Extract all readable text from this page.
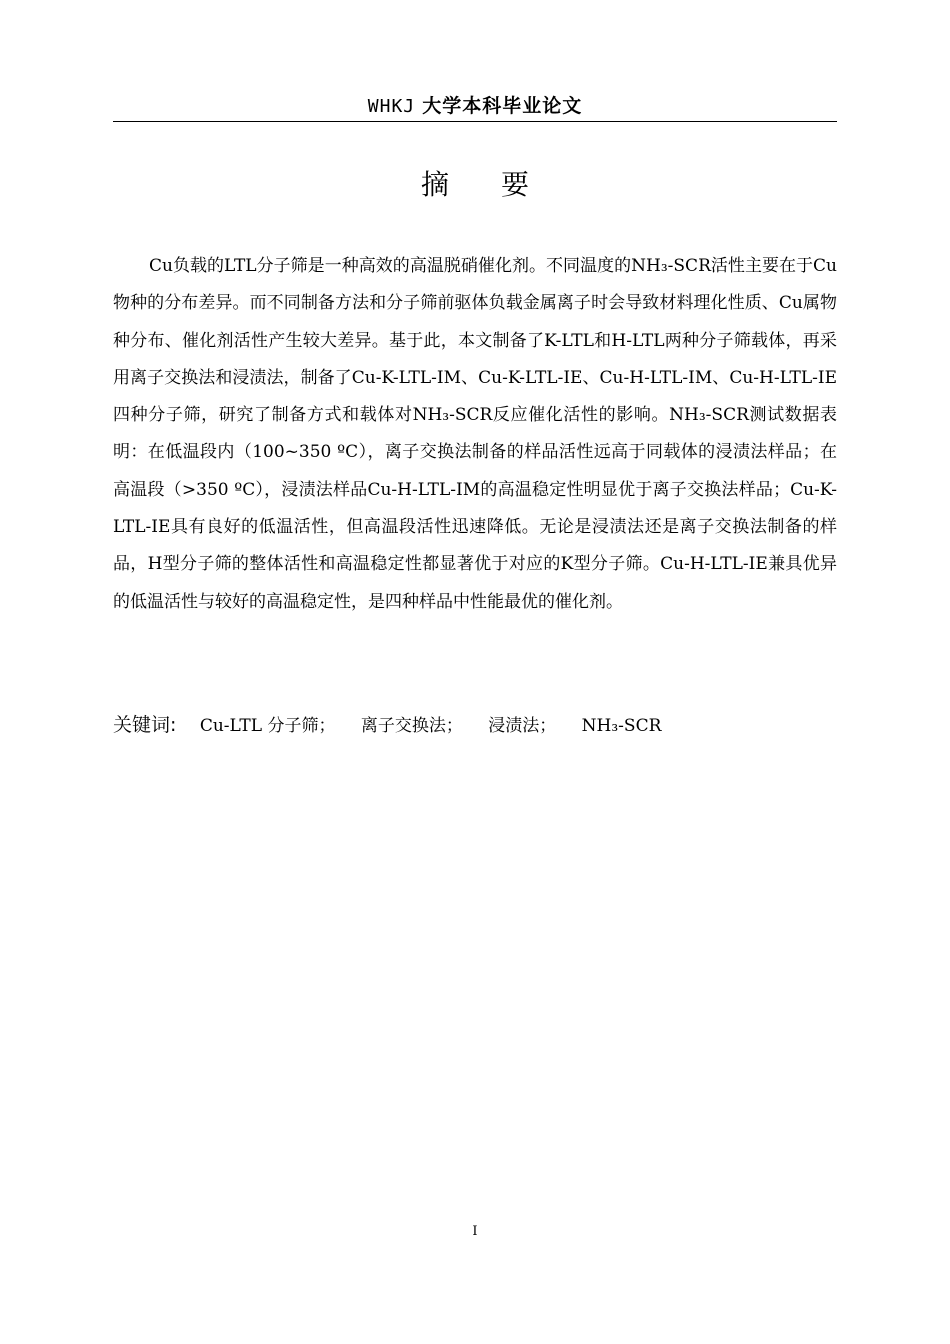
WHKJ 大学本科毕业论文
摘要

Cu负载的LTL分子筛是一种高效的高温脱硝催化剂。不同温度的NH₃-SCR活性主要在于Cu物种的分布差异。而不同制备方法和分子筛前驱体负载金属离子时会导致材料理化性质、Cu属物种分布、催化剂活性产生较大差异。基于此，本文制备了K-LTL和H-LTL两种分子筛载体，再采用离子交换法和浸渍法，制备了Cu-K-LTL-IM、Cu-K-LTL-IE、Cu-H-LTL-IM、Cu-H-LTL-IE四种分子筛，研究了制备方式和载体对NH₃-SCR反应催化活性的影响。NH₃-SCR测试数据表明：在低温段内（100~350 ºC），离子交换法制备的样品活性远高于同载体的浸渍法样品；在高温段（>350 ºC），浸渍法样品Cu-H-LTL-IM的高温稳定性明显优于离子交换法样品；Cu-K-LTL-IE具有良好的低温活性，但高温段活性迅速降低。无论是浸渍法还是离子交换法制备的样品，H型分子筛的整体活性和高温稳定性都显著优于对应的K型分子筛。Cu-H-LTL-IE兼具优异的低温活性与较好的高温稳定性，是四种样品中性能最优的催化剂。

关键词: Cu-LTL 分子筛； 离子交换法； 浸渍法； NH₃-SCR
I
